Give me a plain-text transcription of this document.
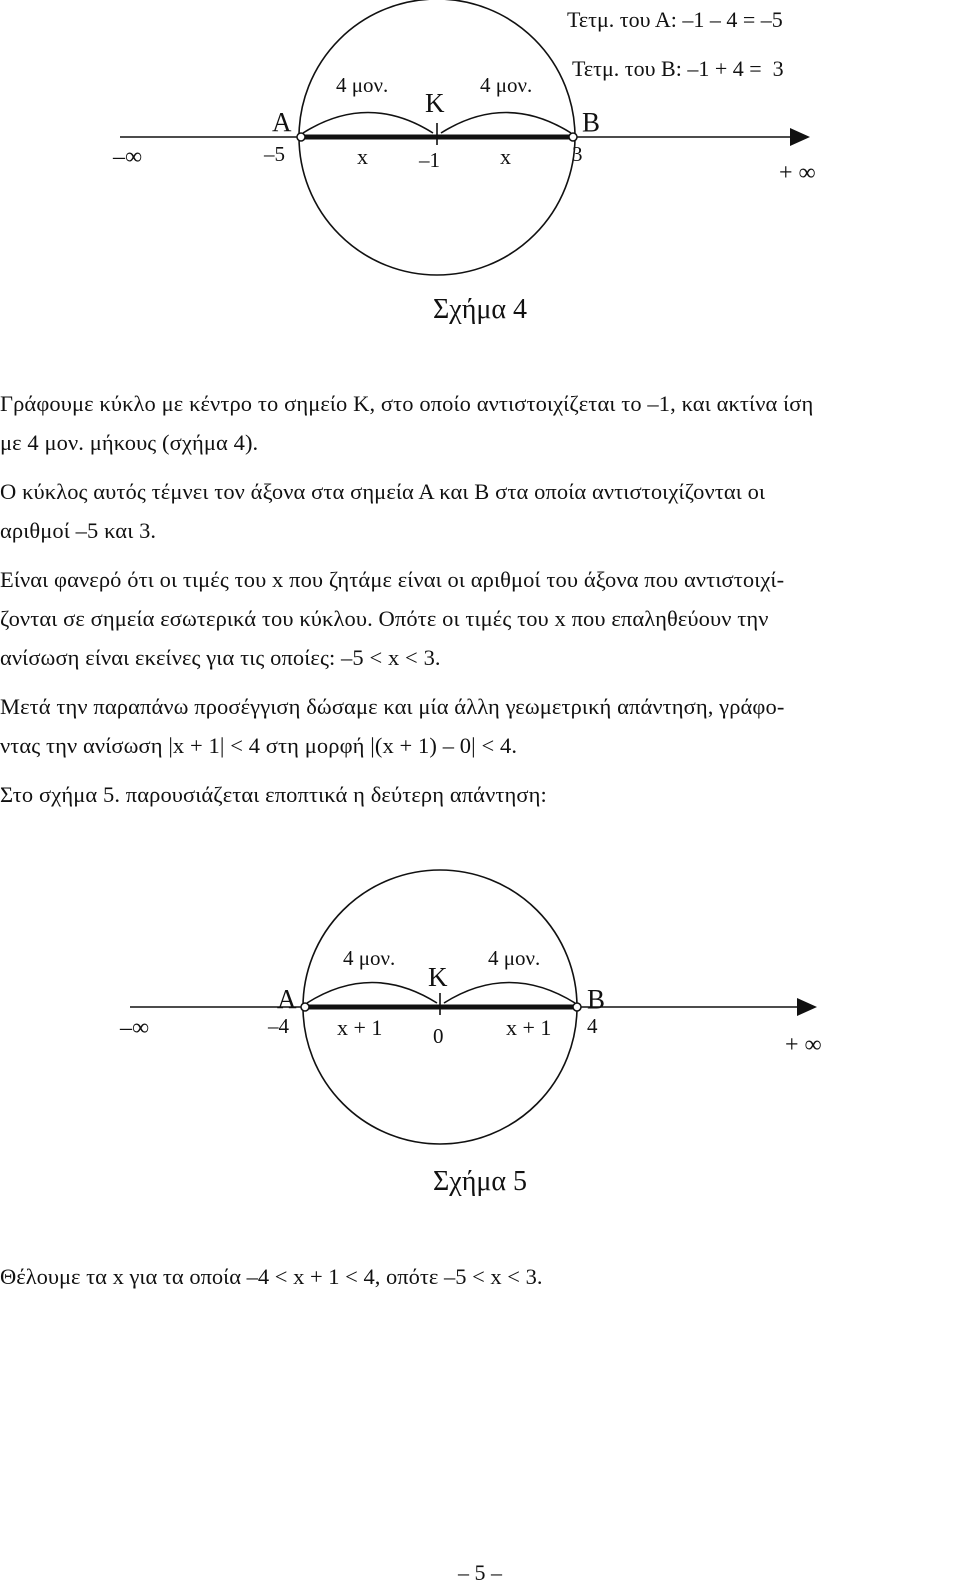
Τετμ. του Α: –1 – 4 = –5
Τετμ. του Β: –1 + 4 =  3
4 μον.	4 μον.
Κ
Α	Β
–∞	–5	x –1	x	3
+ ∞
Σχήμα 4

Γράφουμε κύκλο με κέντρο το σημείο Κ, στο οποίο αντιστοιχίζεται το –1, και ακτίνα ίση
με 4 μον. μήκους (σχήμα 4).

Ο κύκλος αυτός τέμνει τον άξονα στα σημεία Α και Β στα οποία αντιστοιχίζονται οι
αριθμοί –5 και 3.

Είναι φανερό ότι οι τιμές του x που ζητάμε είναι οι αριθμοί του άξονα που αντιστοιχί-
ζονται σε σημεία εσωτερικά του κύκλου. Οπότε οι τιμές του x που επαληθεύουν την
ανίσωση είναι εκείνες για τις οποίες: –5 < x < 3.

Μετά την παραπάνω προσέγγιση δώσαμε και μία άλλη γεωμετρική απάντηση, γράφο-
ντας την ανίσωση |x + 1| < 4 στη μορφή |(x + 1) – 0| < 4.

Στο σχήμα 5. παρουσιάζεται εποπτικά η δεύτερη απάντηση:

4 μον.	4 μον.
Κ
Α	Β
–∞	–4 x + 1 0	x + 1 4
+ ∞
Σχήμα 5
Θέλουμε τα x για τα οποία –4 < x + 1 < 4, οπότε –5 < x < 3.
– 5 –
